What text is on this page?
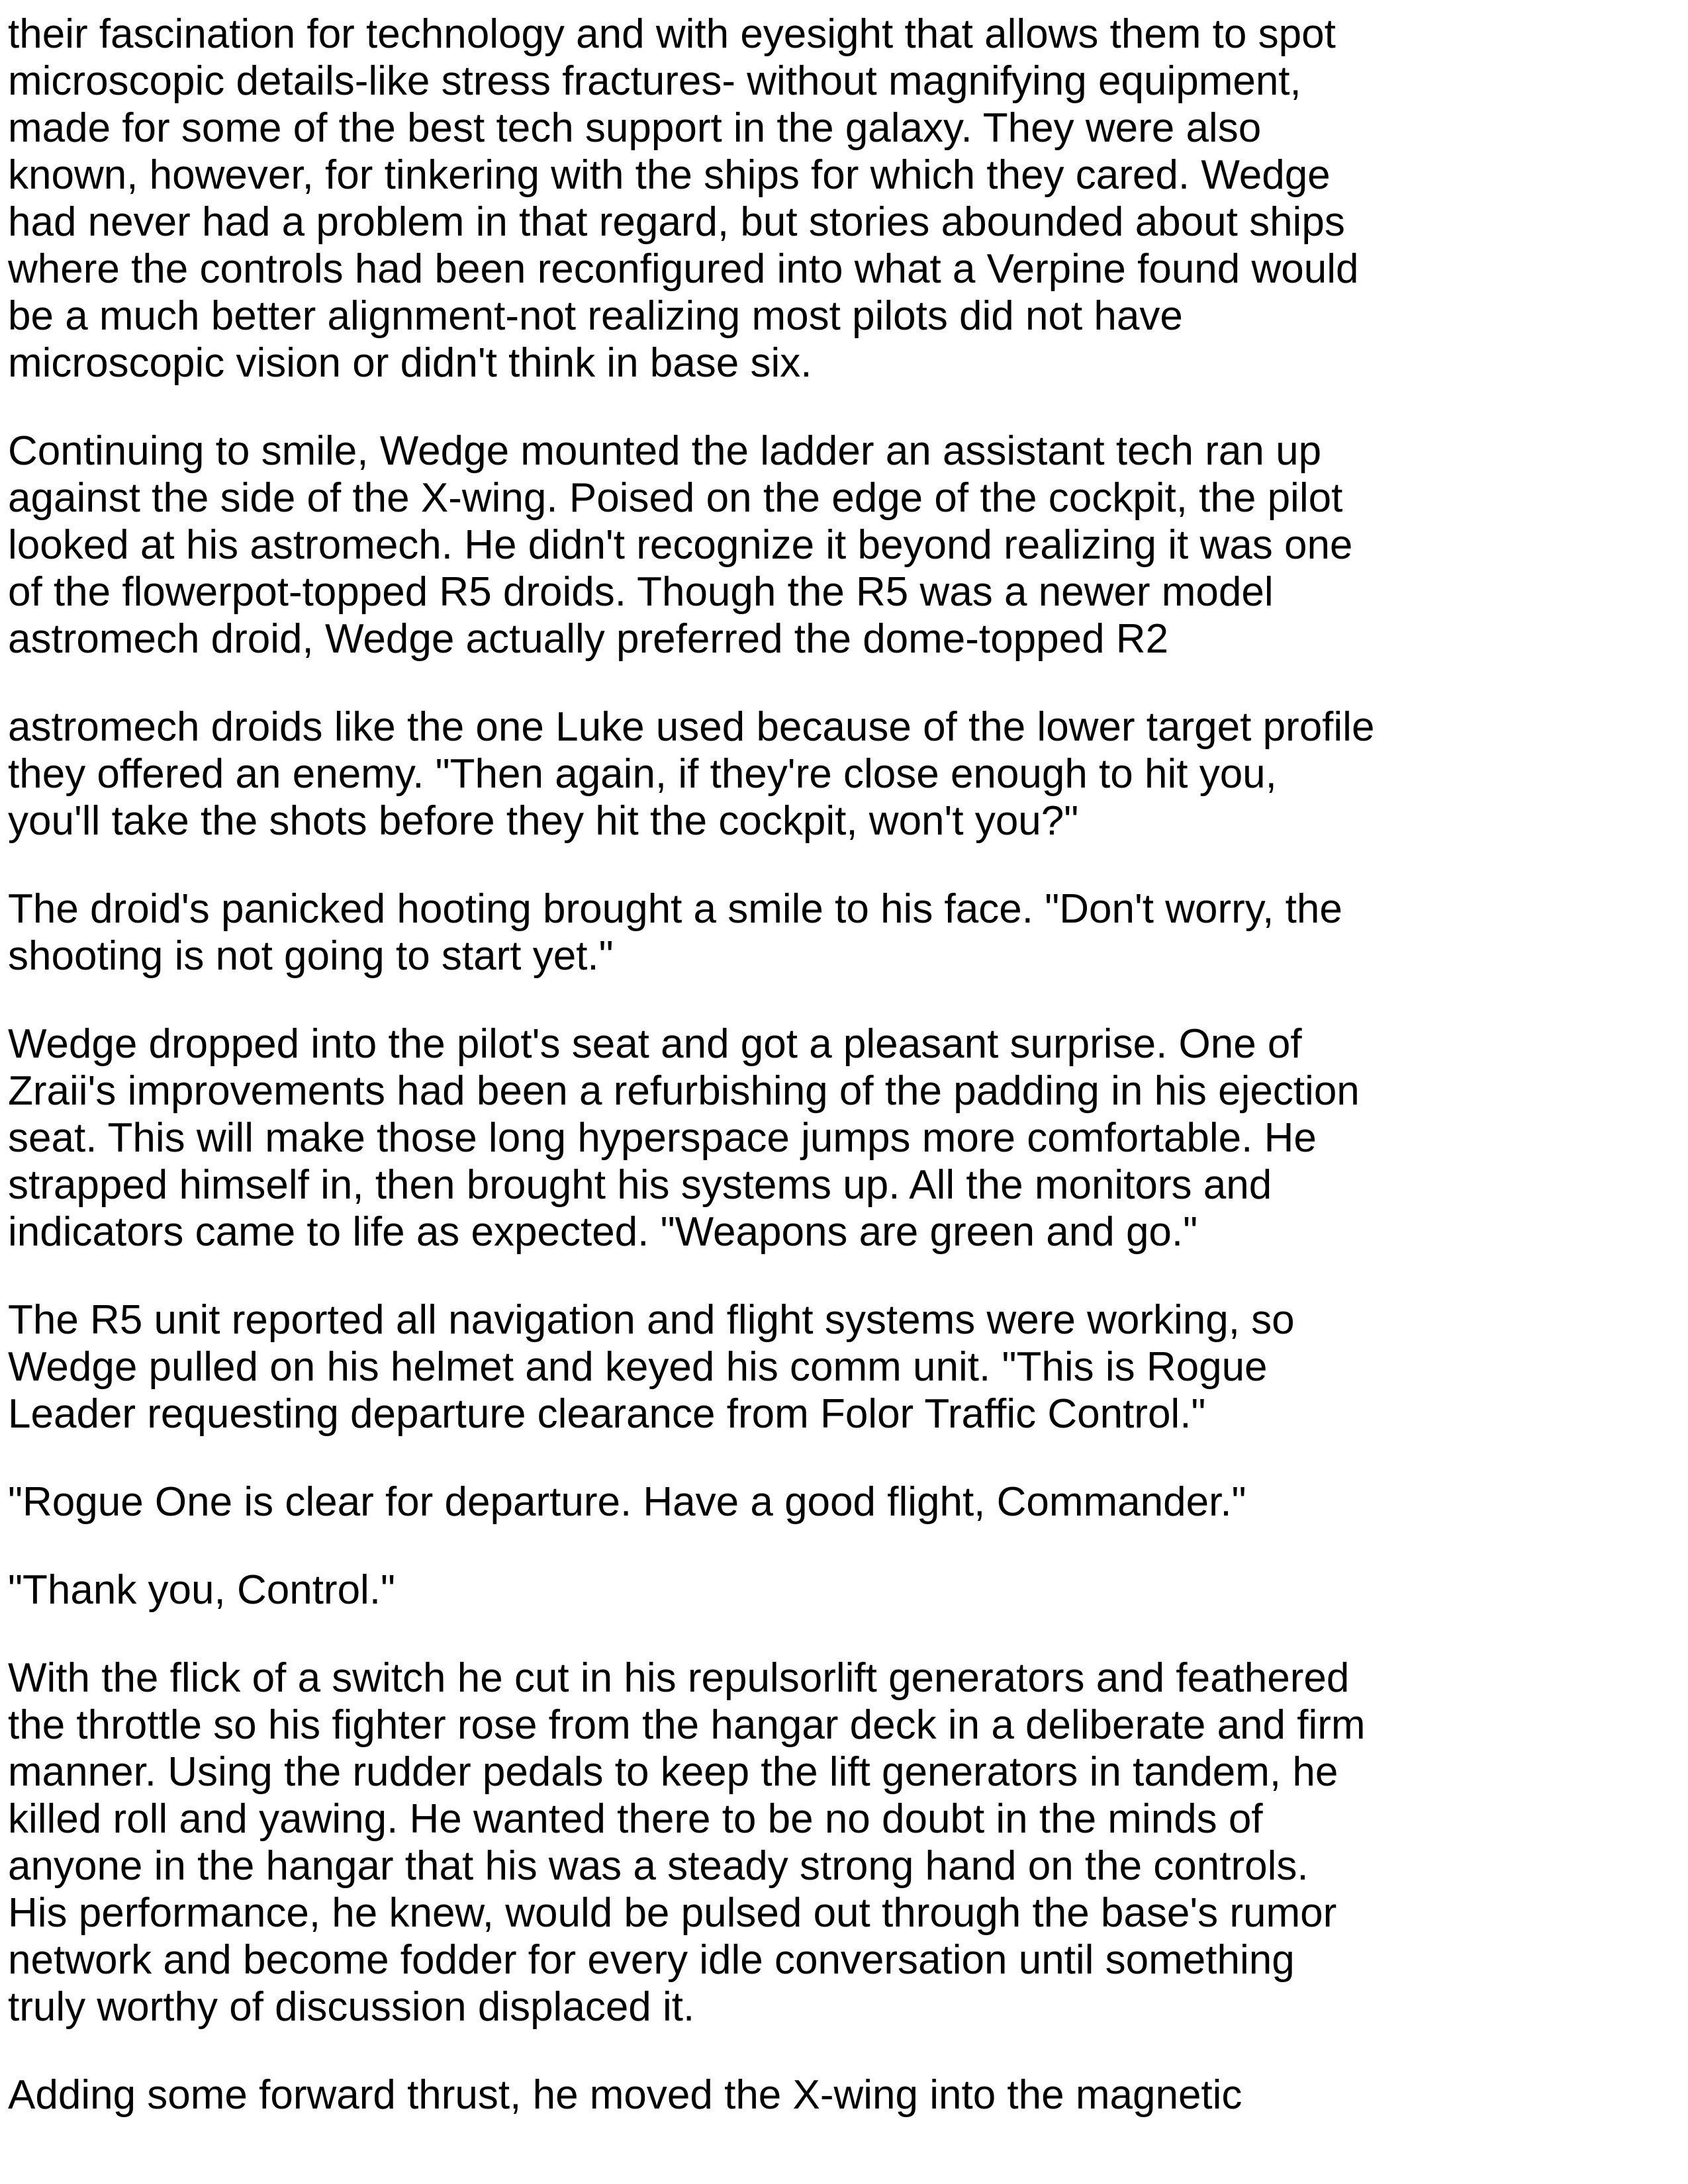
their fascination for technology and with eyesight that allows them to spot
microscopic details-like stress fractures- without magnifying equipment,
made for some of the best tech support in the galaxy. They were also
known, however, for tinkering with the ships for which they cared. Wedge
had never had a problem in that regard, but stories abounded about ships
where the controls had been reconfigured into what a Verpine found would
be a much better alignment-not realizing most pilots did not have
microscopic vision or didn't think in base six.
Continuing to smile, Wedge mounted the ladder an assistant tech ran up
against the side of the X-wing. Poised on the edge of the cockpit, the pilot
looked at his astromech. He didn't recognize it beyond realizing it was one
of the flowerpot-topped R5 droids. Though the R5 was a newer model
astromech droid, Wedge actually preferred the dome-topped R2
astromech droids like the one Luke used because of the lower target profile
they offered an enemy. "Then again, if they're close enough to hit you,
you'll take the shots before they hit the cockpit, won't you?"
The droid's panicked hooting brought a smile to his face. "Don't worry, the
shooting is not going to start yet."
Wedge dropped into the pilot's seat and got a pleasant surprise. One of
Zraii's improvements had been a refurbishing of the padding in his ejection
seat. This will make those long hyperspace jumps more comfortable. He
strapped himself in, then brought his systems up. All the monitors and
indicators came to life as expected. "Weapons are green and go."
The R5 unit reported all navigation and flight systems were working, so
Wedge pulled on his helmet and keyed his comm unit. "This is Rogue
Leader requesting departure clearance from Folor Traffic Control."
"Rogue One is clear for departure. Have a good flight, Commander."
"Thank you, Control."
With the flick of a switch he cut in his repulsorlift generators and feathered
the throttle so his fighter rose from the hangar deck in a deliberate and firm
manner. Using the rudder pedals to keep the lift generators in tandem, he
killed roll and yawing. He wanted there to be no doubt in the minds of
anyone in the hangar that his was a steady strong hand on the controls.
His performance, he knew, would be pulsed out through the base's rumor
network and become fodder for every idle conversation until something
truly worthy of discussion displaced it.
Adding some forward thrust, he moved the X-wing into the magnetic
